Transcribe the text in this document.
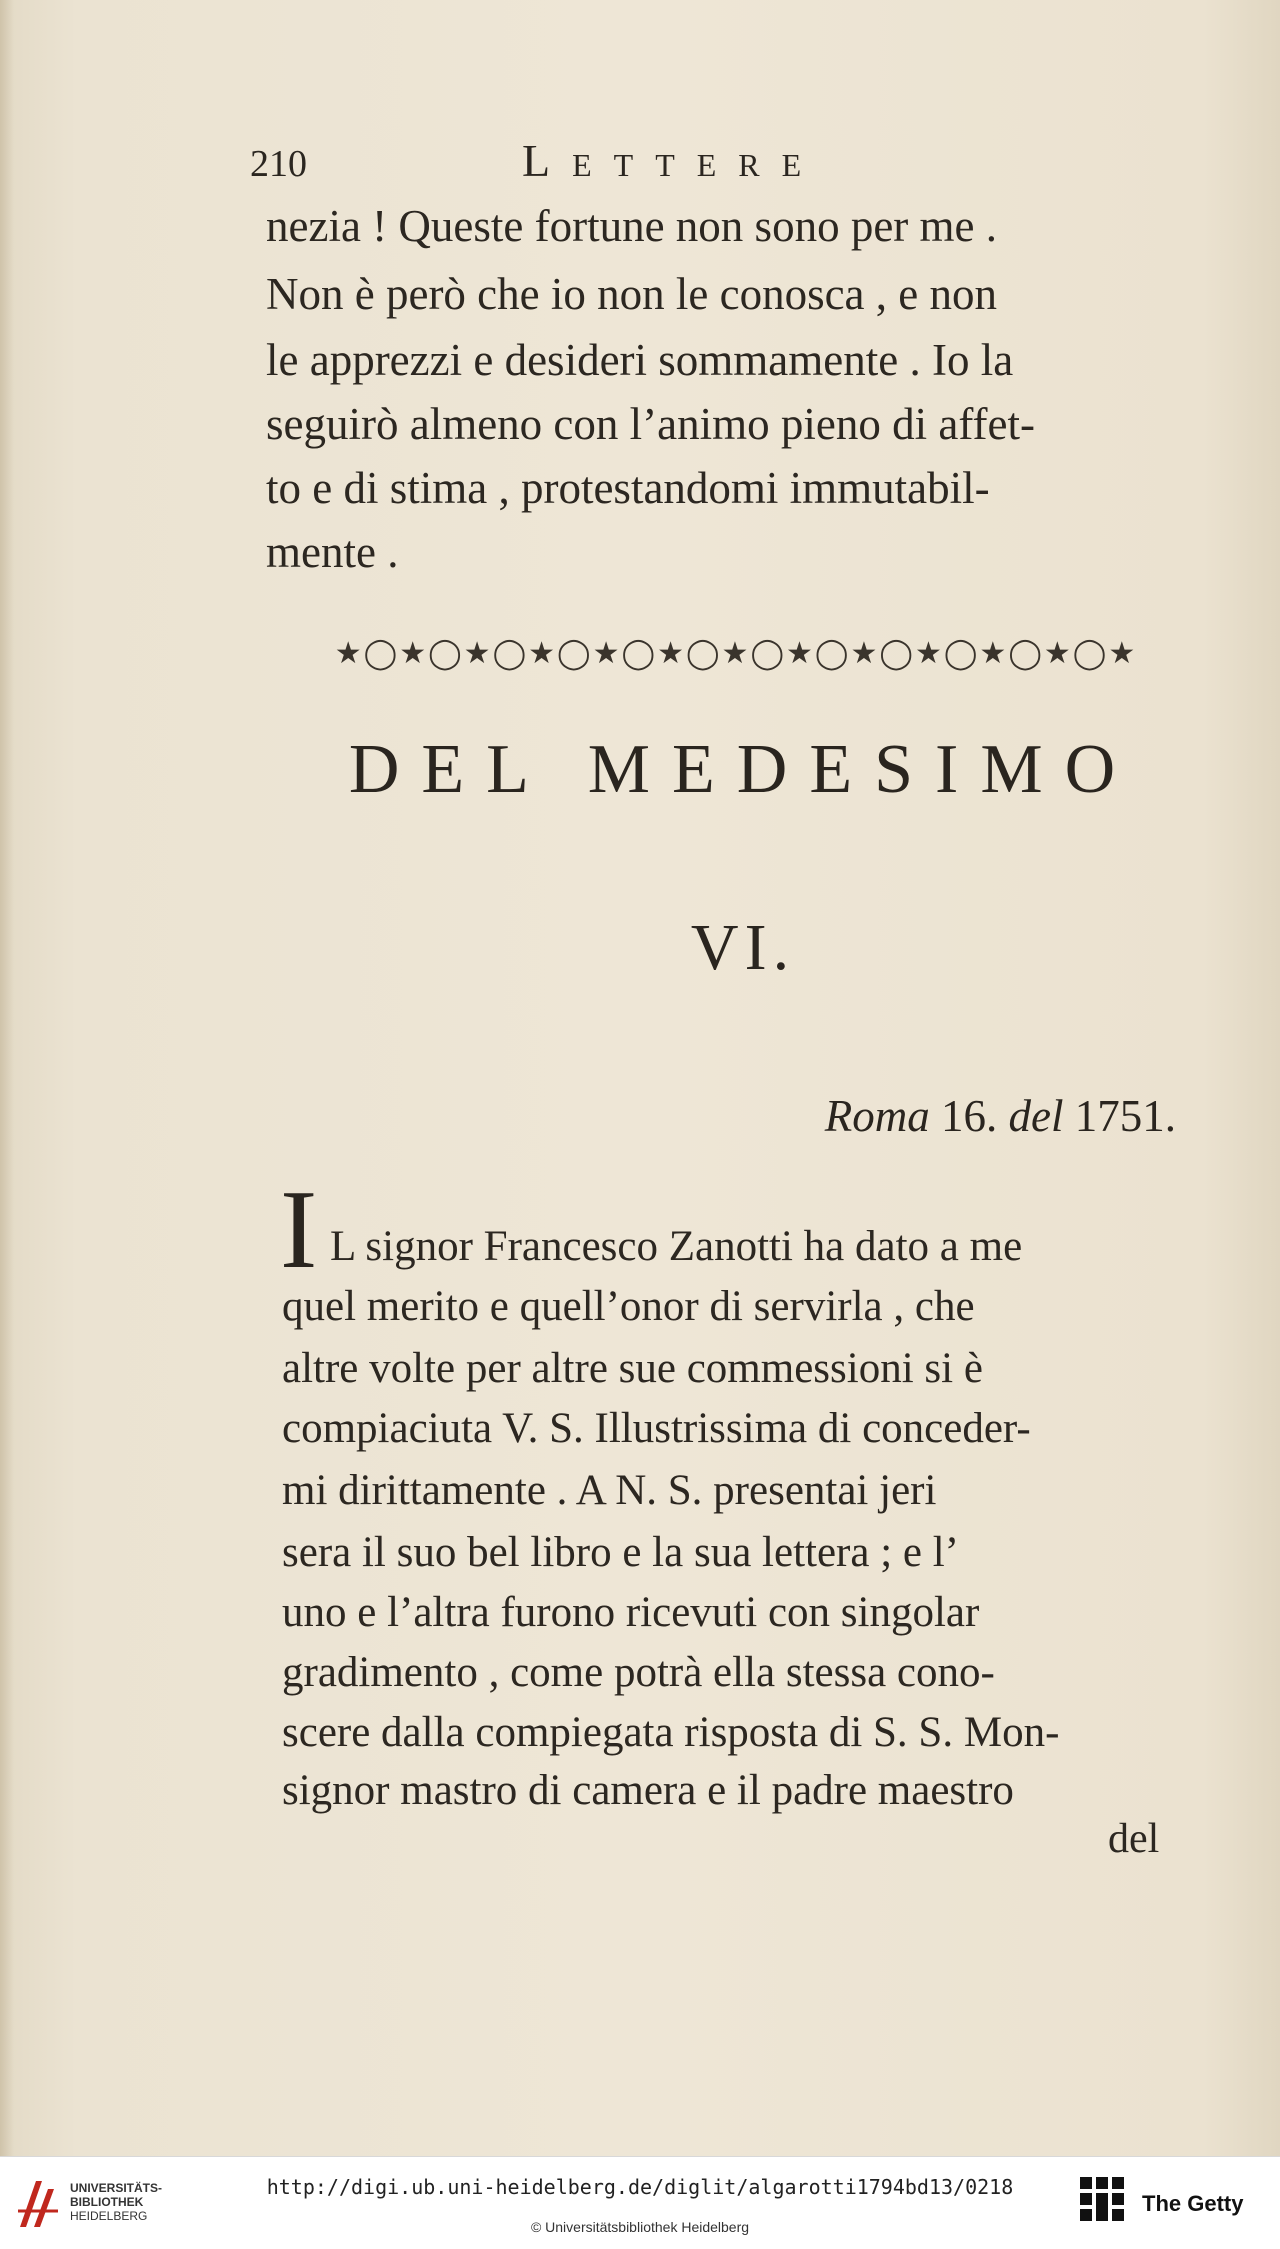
210	Lettere
nezia ! Queste fortune non sono per me .
Non è però che io non le conosca , e non
le apprezzi e desideri sommamente . Io la
seguirò almeno con l’animo pieno di affet-
to e di stima , protestandomi immutabil-
mente .
★◯★◯★◯★◯★◯★◯★◯★◯★◯★◯★◯★◯★
DEL MEDESIMO
VI.
Roma 16. del 1751.
I L signor Francesco Zanotti ha dato a me
quel merito e quell’onor di servirla , che
altre volte per altre sue commessioni si è
compiaciuta V. S. Illustrissima di conceder-
mi dirittamente . A N. S. presentai jeri
sera il suo bel libro e la sua lettera ; e l’
uno e l’altra furono ricevuti con singolar
gradimento , come potrà ella stessa cono-
scere dalla compiegata risposta di S. S. Mon-
signor mastro di camera e il padre maestro
del
UNIVERSITÄTS-
BIBLIOTHEK
HEIDELBERG
http://digi.ub.uni-heidelberg.de/diglit/algarotti1794bd13/0218
© Universitätsbibliothek Heidelberg
The Getty
